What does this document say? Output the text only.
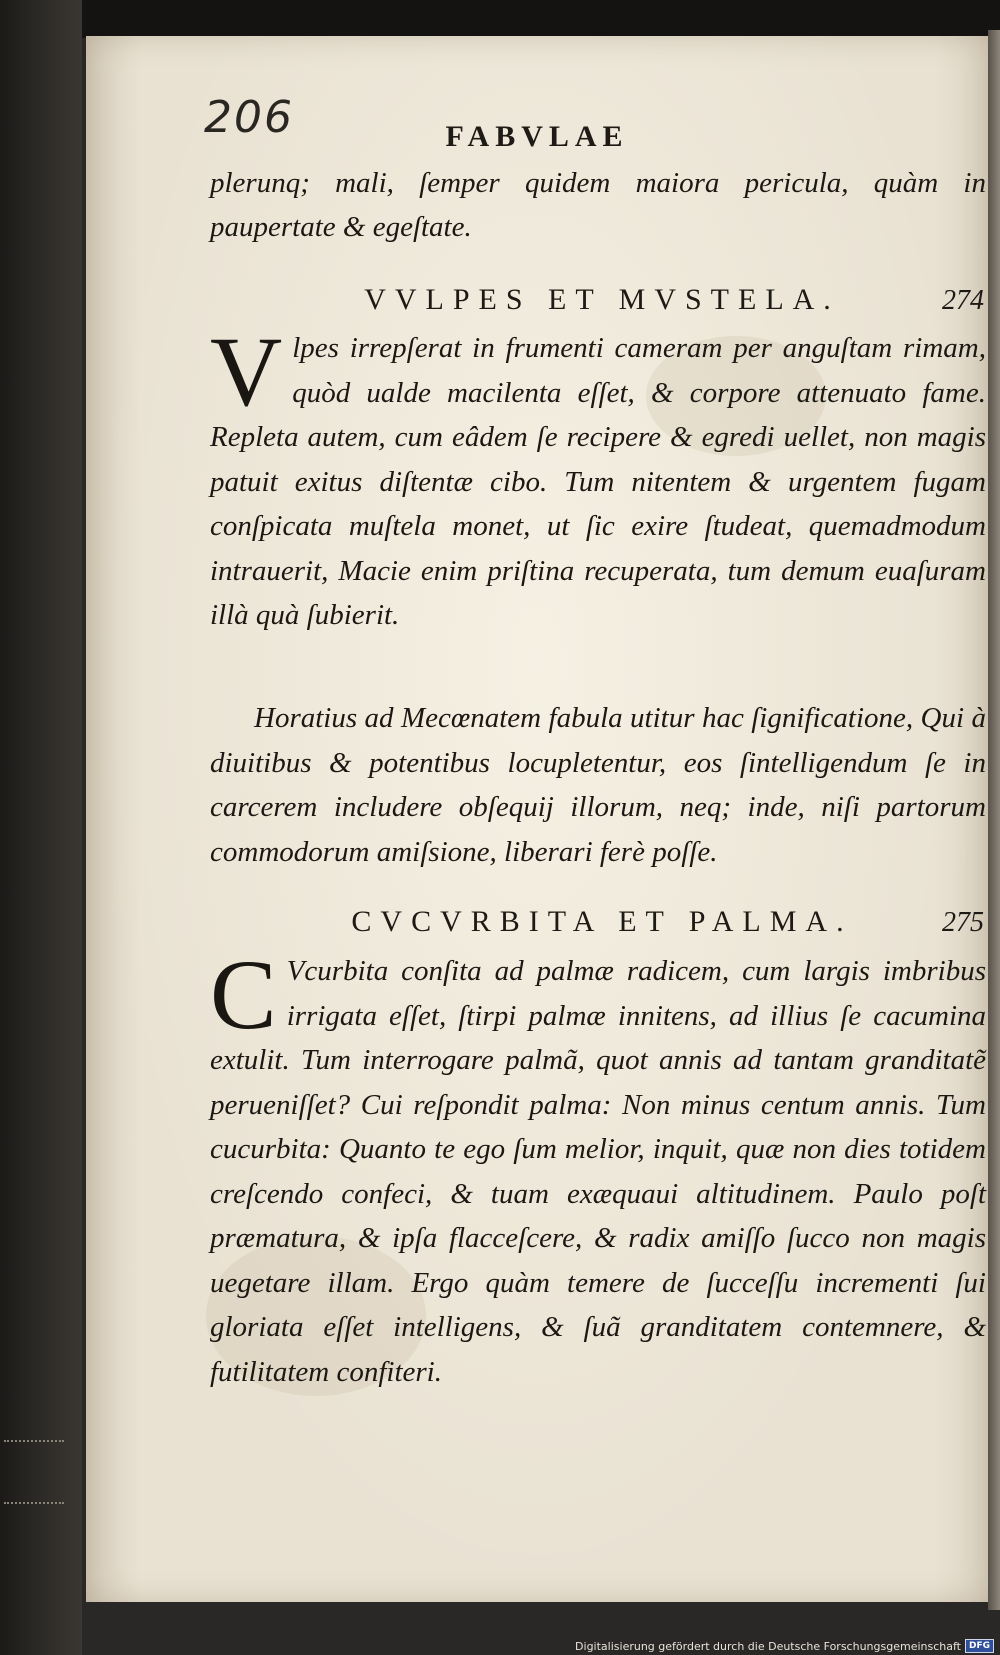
206	FABVLAE

plerunq; mali, ſemper quidem maiora pericula, quàm in paupertate & egeſtate.

VVLPES ET MVSTELA.	274
V lpes irrepſerat in frumenti cameram per anguſtam rimam, quòd ualde macilenta eſſet, & corpore attenuato fame. Repleta autem, cum eâdem ſe recipere & egredi uellet, non magis patuit exitus diſtentæ cibo. Tum nitentem & urgentem fugam conſpicata muſtela monet, ut ſic exire ſtudeat, quemadmodum intrauerit, Macie enim priſtina recuperata, tum demum euaſuram illà quà ſubierit.

Horatius ad Mecœnatem fabula utitur hac ſignificatione, Qui à diuitibus & potentibus locupletentur, eos ſintelligendum ſe in carcerem includere obſequij illorum, neq; inde, niſi partorum commodorum amiſsione, liberari ferè poſſe.

CVCVRBITA ET PALMA.	275
C Vcurbita conſita ad palmæ radicem, cum largis imbribus irrigata eſſet, ſtirpi palmæ innitens, ad illius ſe cacumina extulit. Tum interrogare palmã, quot annis ad tantam granditatẽ perueniſſet? Cui reſpondit palma: Non minus centum annis. Tum cucurbita: Quanto te ego ſum melior, inquit, quæ non dies totidem creſcendo confeci, & tuam exæquaui altitudinem. Paulo poſt præmatura, & ipſa flacceſcere, & radix amiſſo ſucco non magis uegetare illam. Ergo quàm temere de ſucceſſu incrementi ſui gloriata eſſet intelligens, & ſuã granditatem contemnere, & futilitatem confiteri.

Digitalisierung gefördert durch die Deutsche Forschungsgemeinschaft DFG
